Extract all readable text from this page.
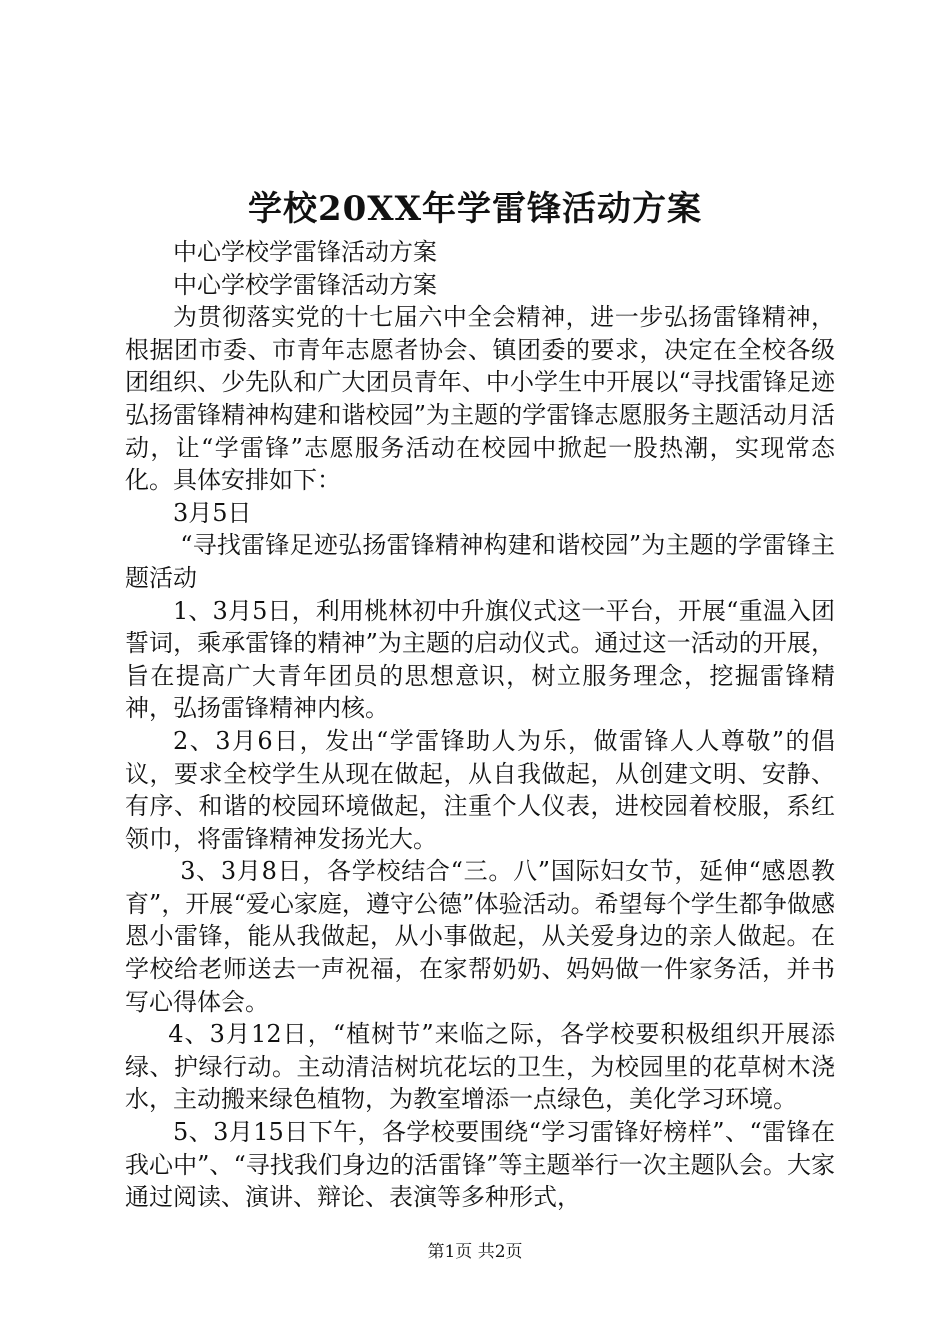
学校20XX年学雷锋活动方案

中心学校学雷锋活动方案

中心学校学雷锋活动方案

为贯彻落实党的十七届六中全会精神，进一步弘扬雷锋精神，根据团市委、市青年志愿者协会、镇团委的要求，决定在全校各级团组织、少先队和广大团员青年、中小学生中开展以“寻找雷锋足迹弘扬雷锋精神构建和谐校园”为主题的学雷锋志愿服务主题活动月活动，让“学雷锋”志愿服务活动在校园中掀起一股热潮，实现常态化。具体安排如下：

3月5日

“寻找雷锋足迹弘扬雷锋精神构建和谐校园”为主题的学雷锋主题活动

1、3月5日，利用桃林初中升旗仪式这一平台，开展“重温入团誓词，乘承雷锋的精神”为主题的启动仪式。通过这一活动的开展，旨在提高广大青年团员的思想意识，树立服务理念，挖掘雷锋精神，弘扬雷锋精神内核。

2、3月6日，发出“学雷锋助人为乐，做雷锋人人尊敬”的倡议，要求全校学生从现在做起，从自我做起，从创建文明、安静、有序、和谐的校园环境做起，注重个人仪表，进校园着校服，系红领巾，将雷锋精神发扬光大。

3、3月8日，各学校结合“三。八”国际妇女节，延伸“感恩教育”，开展“爱心家庭，遵守公德”体验活动。希望每个学生都争做感恩小雷锋，能从我做起，从小事做起，从关爱身边的亲人做起。在学校给老师送去一声祝福，在家帮奶奶、妈妈做一件家务活，并书写心得体会。

4、3月12日，“植树节”来临之际，各学校要积极组织开展添绿、护绿行动。主动清洁树坑花坛的卫生，为校园里的花草树木浇水，主动搬来绿色植物，为教室增添一点绿色，美化学习环境。

5、3月15日下午，各学校要围绕“学习雷锋好榜样”、“雷锋在我心中”、“寻找我们身边的活雷锋”等主题举行一次主题队会。大家通过阅读、演讲、辩论、表演等多种形式，

第1页 共2页
